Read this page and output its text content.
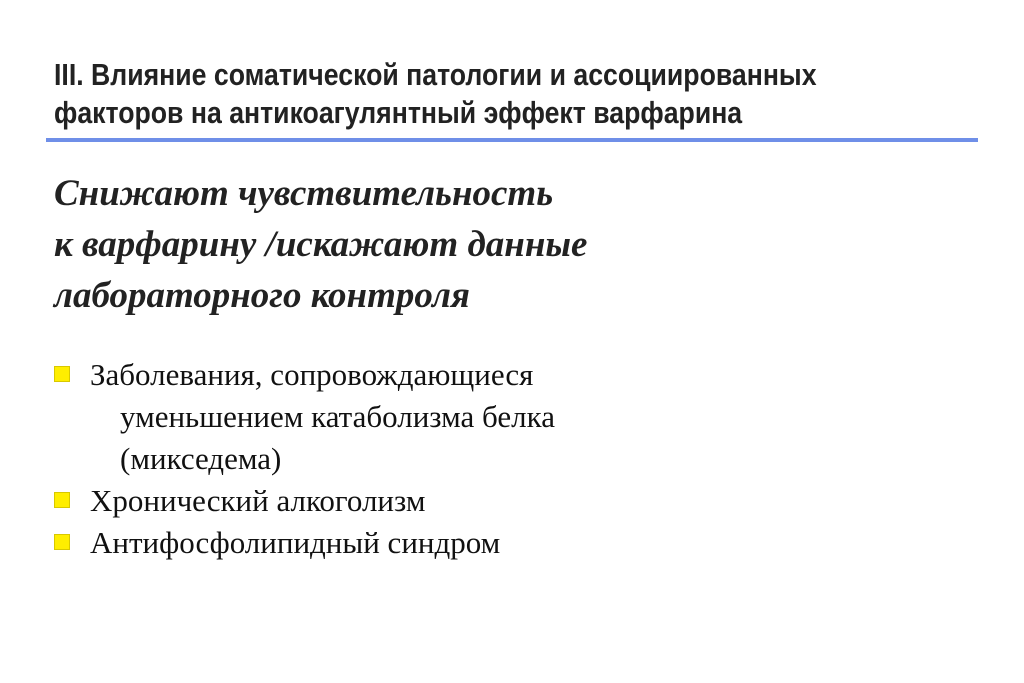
III. Влияние соматической патологии и ассоциированных
факторов на антикоагулянтный эффект варфарина
Снижают чувствительность
к варфарину /искажают данные
лабораторного контроля
Заболевания, сопровождающиеся
уменьшением катаболизма белка
(микседема)
Хронический алкоголизм
Антифосфолипидный синдром
